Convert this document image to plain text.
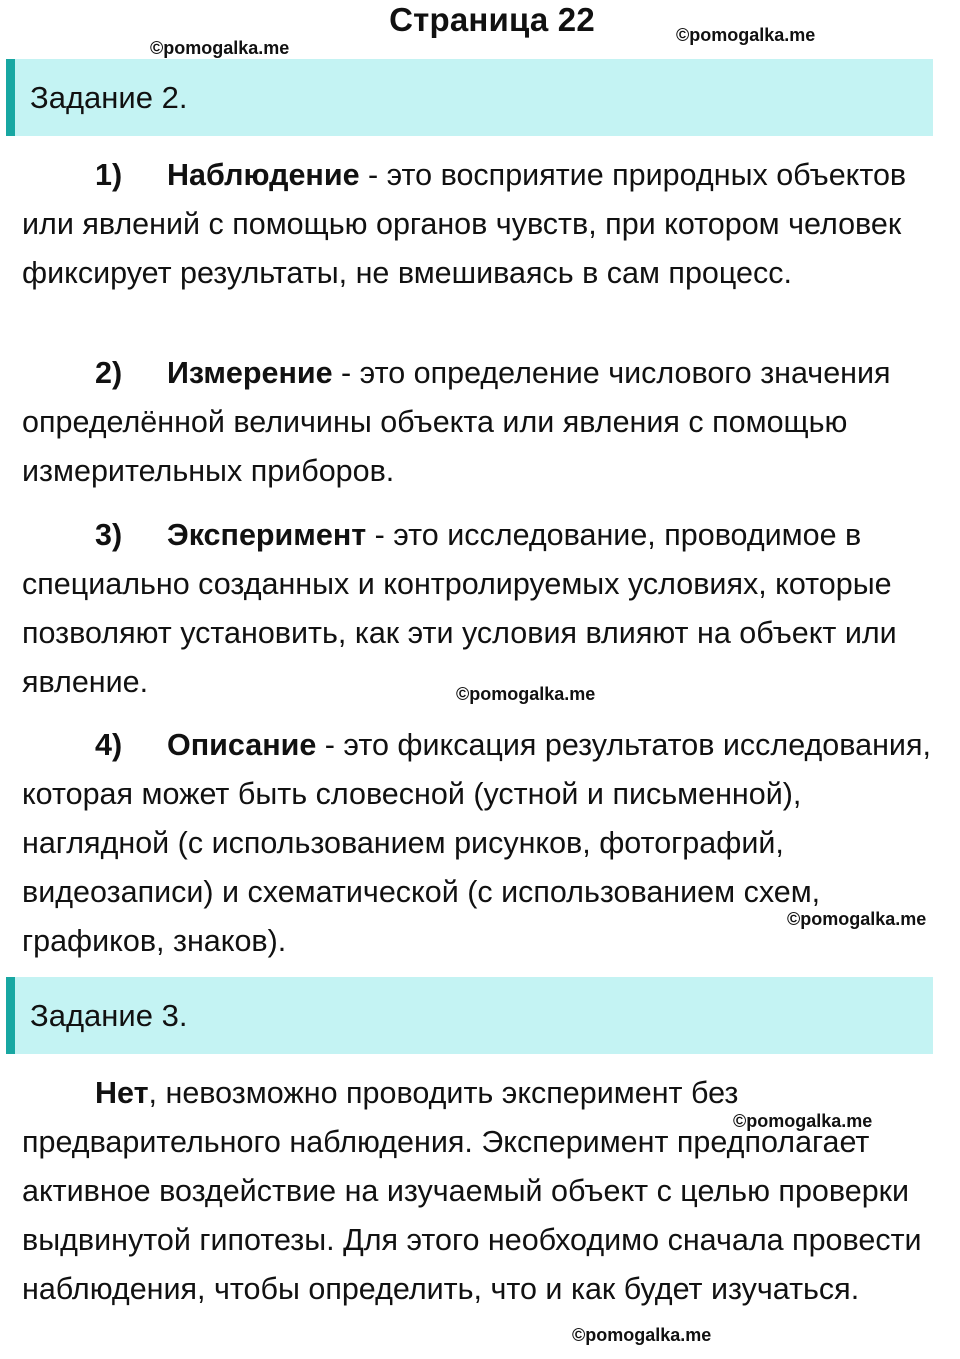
Страница 22
©pomogalka.me
©pomogalka.me
Задание 2.

1) Наблюдение - это восприятие природных объектов или явлений с помощью органов чувств, при котором человек фиксирует результаты, не вмешиваясь в сам процесс.

2) Измерение - это определение числового значения определённой величины объекта или явления с помощью измерительных приборов.

3) Эксперимент - это исследование, проводимое в специально созданных и контролируемых условиях, которые позволяют установить, как эти условия влияют на объект или явление.	©pomogalka.me

4) Описание - это фиксация результатов исследования, которая может быть словесной (устной и письменной), наглядной (с использованием рисунков, фотографий, видеозаписи) и схематической (с использованием схем, графиков, знаков).

©pomogalka.me
Задание 3.

Нет, невозможно проводить эксперимент без предварительного наблюдения. Эксперимент предполагает активное воздействие на изучаемый объект с целью проверки выдвинутой гипотезы. Для этого необходимо сначала провести наблюдения, чтобы определить, что и как будет изучаться.

©pomogalka.me
©pomogalka.me
